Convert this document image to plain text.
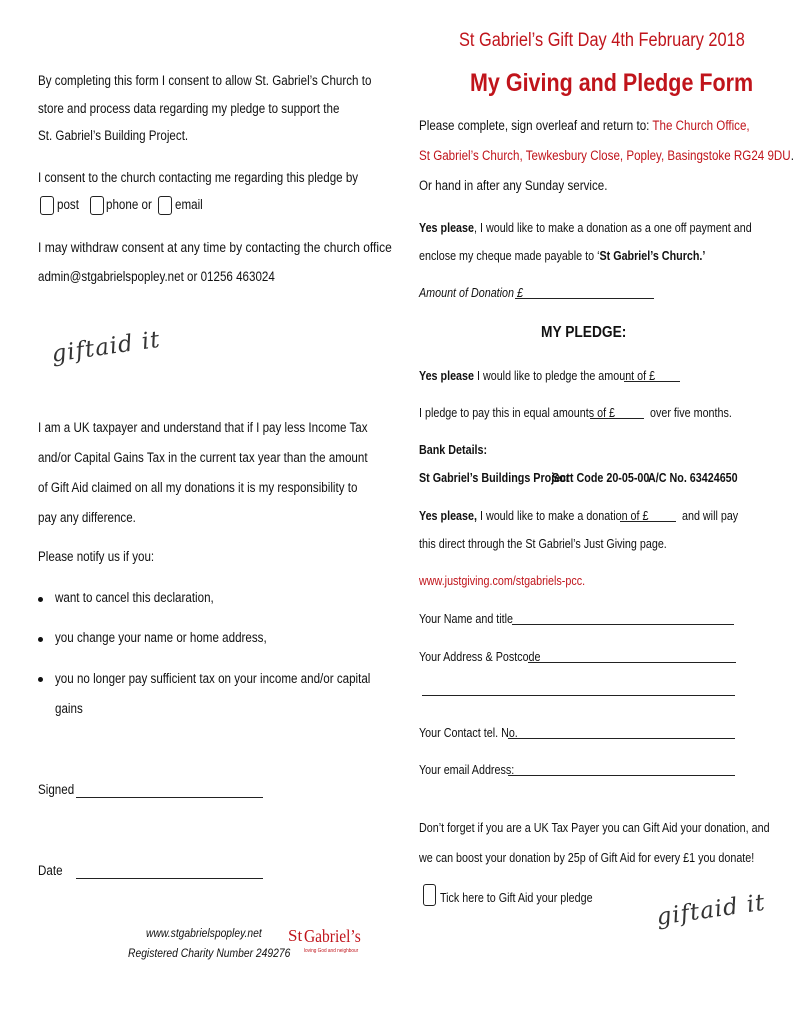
St Gabriel’s Gift Day 4th February 2018
My Giving and Pledge Form
By completing this form I consent to allow St. Gabriel’s Church to
store and process data regarding my pledge to support the
St. Gabriel’s Building Project.
I consent to the church contacting me regarding this pledge by
post phone or email
I may withdraw consent at any time by contacting the church office
admin@stgabrielspopley.net or 01256 463024
giftaid it
I am a UK taxpayer and understand that if I pay less Income Tax
and/or Capital Gains Tax in the current tax year than the amount
of Gift Aid claimed on all my donations it is my responsibility to
pay any difference.
Please notify us if you:
want to cancel this declaration,
you change your name or home address,
you no longer pay sufficient tax on your income and/or capital
gains
Signed
Date
www.stgabrielspopley.net
Registered Charity Number 249276
St Gabriel’s
loving God and neighbour
Please complete, sign overleaf and return to: The Church Office,
St Gabriel’s Church, Tewkesbury Close, Popley, Basingstoke RG24 9DU.
Or hand in after any Sunday service.
Yes please, I would like to make a donation as a one off payment and
enclose my cheque made payable to ‘St Gabriel’s Church.’
Amount of Donation £
MY PLEDGE:
Yes please I would like to pledge the amount of £
I pledge to pay this in equal amounts of £	over five months.
Bank Details:
St Gabriel’s Buildings Project
Sort Code 20-05-00
A/C No. 63424650
Yes please, I would like to make a donation of £	and will pay
this direct through the St Gabriel’s Just Giving page.
www.justgiving.com/stgabriels-pcc.
Your Name and title
Your Address & Postcode
Your Contact tel. No.
Your email Address:
Don’t forget if you are a UK Tax Payer you can Gift Aid your donation, and
we can boost your donation by 25p of Gift Aid for every £1 you donate!
Tick here to Gift Aid your pledge	giftaid it
